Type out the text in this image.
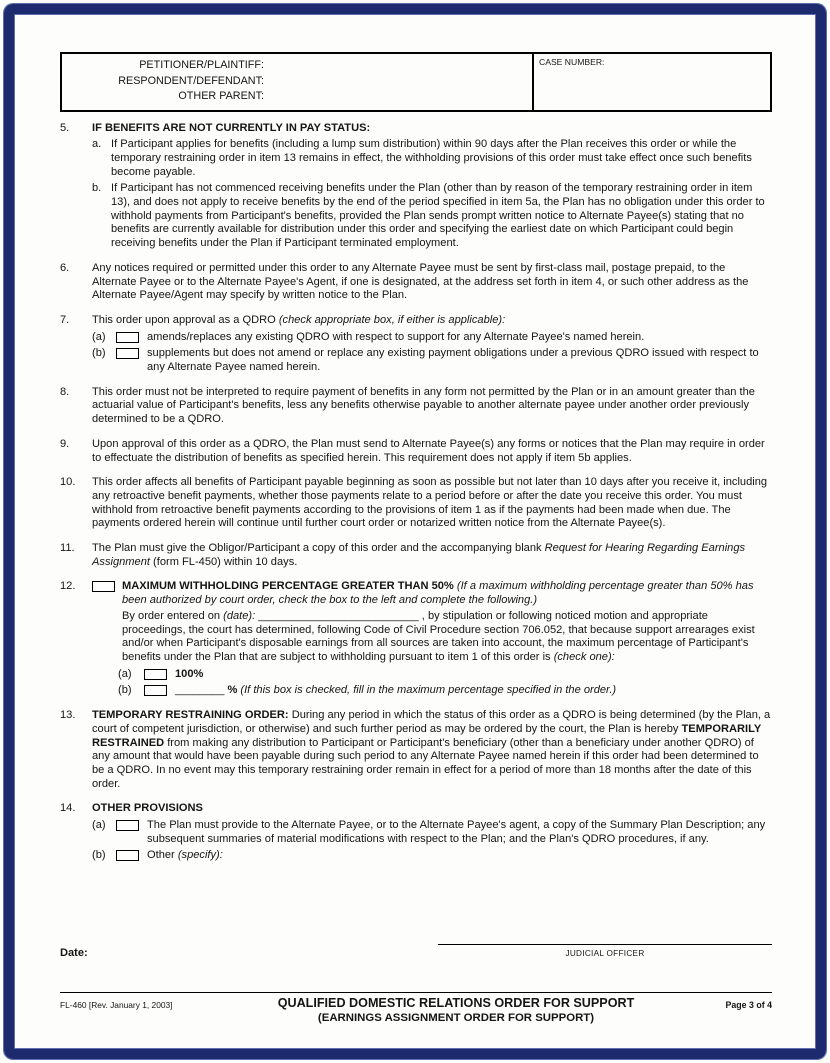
PETITIONER/PLAINTIFF:
RESPONDENT/DEFENDANT:
OTHER PARENT:
CASE NUMBER:
5.	IF BENEFITS ARE NOT CURRENTLY IN PAY STATUS:
a. If Participant applies for benefits (including a lump sum distribution) within 90 days after the Plan receives this order or while the temporary restraining order in item 13 remains in effect, the withholding provisions of this order must take effect once such benefits become payable.
b. If Participant has not commenced receiving benefits under the Plan (other than by reason of the temporary restraining order in item 13), and does not apply to receive benefits by the end of the period specified in item 5a, the Plan has no obligation under this order to withhold payments from Participant's benefits, provided the Plan sends prompt written notice to Alternate Payee(s) stating that no benefits are currently available for distribution under this order and specifying the earliest date on which Participant could begin receiving benefits under the Plan if Participant terminated employment.
6.	Any notices required or permitted under this order to any Alternate Payee must be sent by first-class mail, postage prepaid, to the Alternate Payee or to the Alternate Payee's Agent, if one is designated, at the address set forth in item 4, or such other address as the Alternate Payee/Agent may specify by written notice to the Plan.
7.	This order upon approval as a QDRO (check appropriate box, if either is applicable):
(a)	amends/replaces any existing QDRO with respect to support for any Alternate Payee's named herein.
(b)	supplements but does not amend or replace any existing payment obligations under a previous QDRO issued with respect to any Alternate Payee named herein.
8.	This order must not be interpreted to require payment of benefits in any form not permitted by the Plan or in an amount greater than the actuarial value of Participant's benefits, less any benefits otherwise payable to another alternate payee under another order previously determined to be a QDRO.
9.	Upon approval of this order as a QDRO, the Plan must send to Alternate Payee(s) any forms or notices that the Plan may require in order to effectuate the distribution of benefits as specified herein. This requirement does not apply if item 5b applies.
10.	This order affects all benefits of Participant payable beginning as soon as possible but not later than 10 days after you receive it, including any retroactive benefit payments, whether those payments relate to a period before or after the date you receive this order. You must withhold from retroactive benefit payments according to the provisions of item 1 as if the payments had been made when due. The payments ordered herein will continue until further court order or notarized written notice from the Alternate Payee(s).
11.	The Plan must give the Obligor/Participant a copy of this order and the accompanying blank Request for Hearing Regarding Earnings Assignment (form FL-450) within 10 days.
12.	MAXIMUM WITHHOLDING PERCENTAGE GREATER THAN 50% (If a maximum withholding percentage greater than 50% has been authorized by court order, check the box to the left and complete the following.)
By order entered on (date): __________________________ , by stipulation or following noticed motion and appropriate proceedings, the court has determined, following Code of Civil Procedure section 706.052, that because support arrearages exist and/or when Participant's disposable earnings from all sources are taken into account, the maximum percentage of Participant's benefits under the Plan that are subject to withholding pursuant to item 1 of this order is (check one):
(a)	100%
(b)	________ % (If this box is checked, fill in the maximum percentage specified in the order.)
13.	TEMPORARY RESTRAINING ORDER: During any period in which the status of this order as a QDRO is being determined (by the Plan, a court of competent jurisdiction, or otherwise) and such further period as may be ordered by the court, the Plan is hereby TEMPORARILY RESTRAINED from making any distribution to Participant or Participant's beneficiary (other than a beneficiary under another QDRO) of any amount that would have been payable during such period to any Alternate Payee named herein if this order had been determined to be a QDRO. In no event may this temporary restraining order remain in effect for a period of more than 18 months after the date of this order.
14.	OTHER PROVISIONS
(a)	The Plan must provide to the Alternate Payee, or to the Alternate Payee's agent, a copy of the Summary Plan Description; any subsequent summaries of material modifications with respect to the Plan; and the Plan's QDRO procedures, if any.
(b)	Other (specify):
Date:	JUDICIAL OFFICER
FL-460 [Rev. January 1, 2003]	QUALIFIED DOMESTIC RELATIONS ORDER FOR SUPPORT
(EARNINGS ASSIGNMENT ORDER FOR SUPPORT)
Page 3 of 4
